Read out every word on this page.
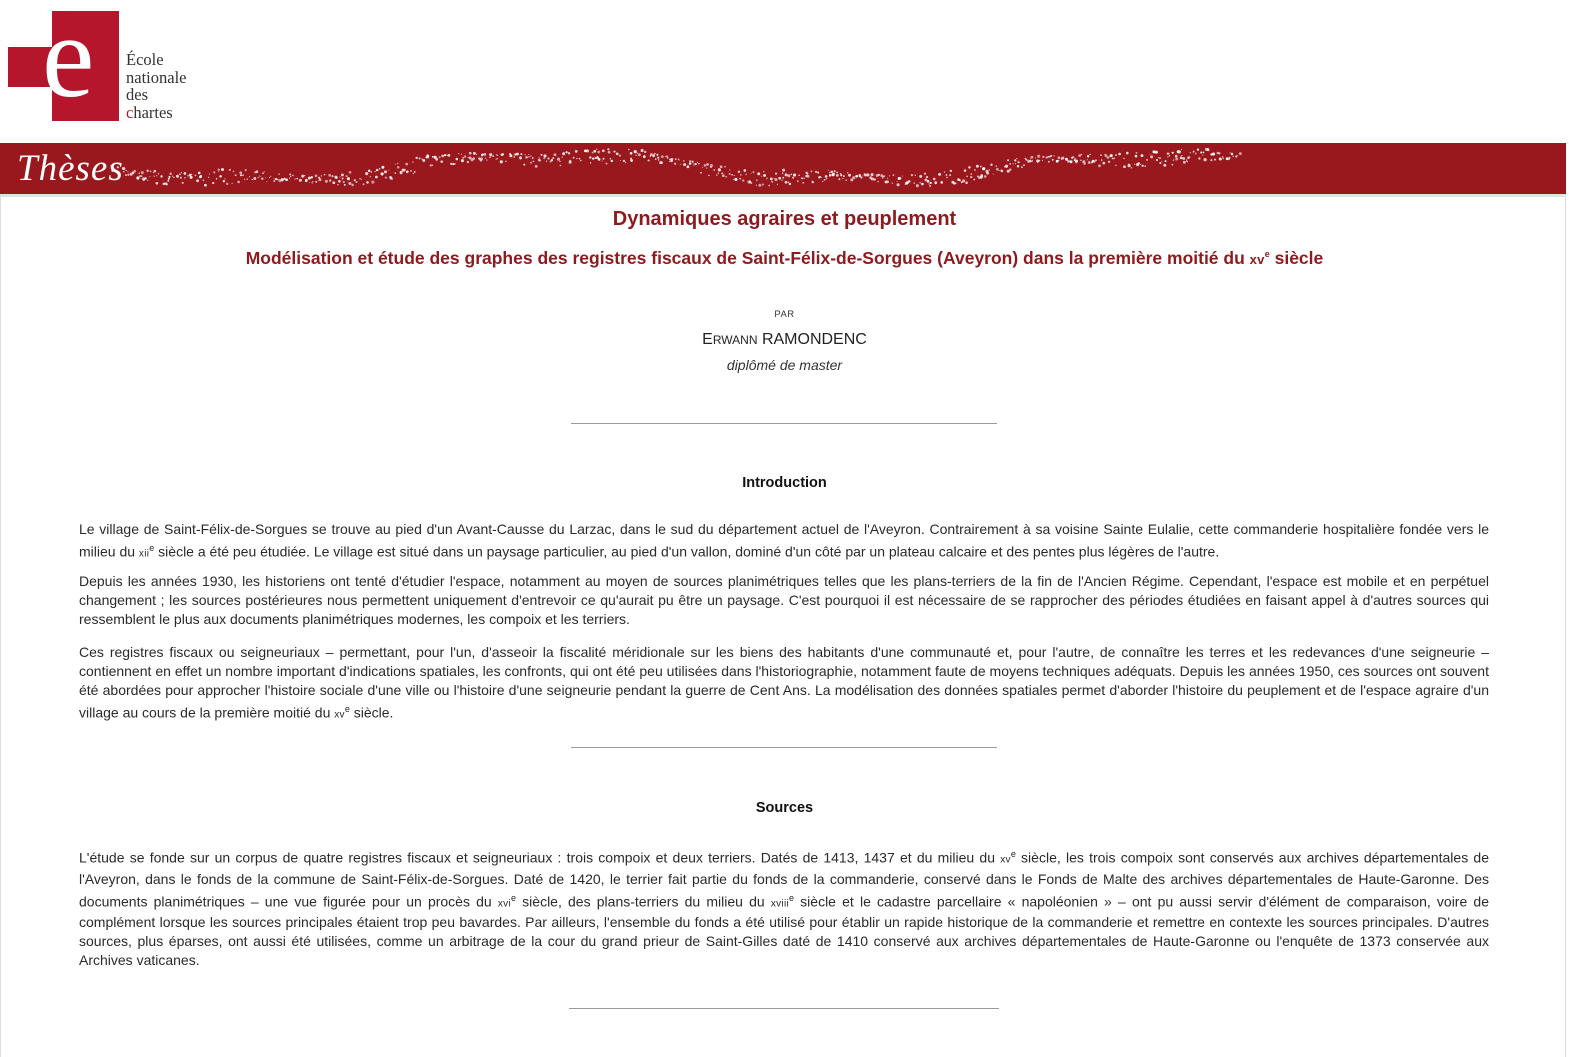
e École
nationale
des
chartes
Thèses
Dynamiques agraires et peuplement
Modélisation et étude des graphes des registres fiscaux de Saint-Félix-de-Sorgues (Aveyron) dans la première moitié du $xv^e$ siècle
PAR
ERWANN RAMONDENC
diplômé de master
Introduction
Le village de Saint-Félix-de-Sorgues se trouve au pied d'un Avant-Causse du Larzac, dans le sud du département actuel de l'Aveyron. Contrairement à sa voisine Sainte Eulalie, cette commanderie hospitalière fondée vers le milieu du xii$^e$ siècle a été peu étudiée. Le village est situé dans un paysage particulier, au pied d'un vallon, dominé d'un côté par un plateau calcaire et des pentes plus légères de l'autre.
Depuis les années 1930, les historiens ont tenté d'étudier l'espace, notamment au moyen de sources planimétriques telles que les plans-terriers de la fin de l'Ancien Régime. Cependant, l'espace est mobile et en perpétuel changement ; les sources postérieures nous permettent uniquement d'entrevoir ce qu'aurait pu être un paysage. C'est pourquoi il est nécessaire de se rapprocher des périodes étudiées en faisant appel à d'autres sources qui ressemblent le plus aux documents planimétriques modernes, les compoix et les terriers.
Ces registres fiscaux ou seigneuriaux – permettant, pour l'un, d'asseoir la fiscalité méridionale sur les biens des habitants d'une communauté et, pour l'autre, de connaître les terres et les redevances d'une seigneurie – contiennent en effet un nombre important d'indications spatiales, les confronts, qui ont été peu utilisées dans l'historiographie, notamment faute de moyens techniques adéquats. Depuis les années 1950, ces sources ont souvent été abordées pour approcher l'histoire sociale d'une ville ou l'histoire d'une seigneurie pendant la guerre de Cent Ans. La modélisation des données spatiales permet d'aborder l'histoire du peuplement et de l'espace agraire d'un village au cours de la première moitié du $xv^e$ siècle.
Sources
L'étude se fonde sur un corpus de quatre registres fiscaux et seigneuriaux : trois compoix et deux terriers. Datés de 1413, 1437 et du milieu du $xv^e$ siècle, les trois compoix sont conservés aux archives départementales de l'Aveyron, dans le fonds de la commune de Saint-Félix-de-Sorgues. Daté de 1420, le terrier fait partie du fonds de la commanderie, conservé dans le Fonds de Malte des archives départementales de Haute-Garonne. Des documents planimétriques – une vue figurée pour un procès du xvi$^e$ siècle, des plans-terriers du milieu du xviii$^e$ siècle et le cadastre parcellaire « napoléonien » – ont pu aussi servir d'élément de comparaison, voire de complément lorsque les sources principales étaient trop peu bavardes. Par ailleurs, l'ensemble du fonds a été utilisé pour établir un rapide historique de la commanderie et remettre en contexte les sources principales. D'autres sources, plus éparses, ont aussi été utilisées, comme un arbitrage de la cour du grand prieur de Saint-Gilles daté de 1410 conservé aux archives départementales de Haute-Garonne ou l'enquête de 1373 conservée aux Archives vaticanes.
